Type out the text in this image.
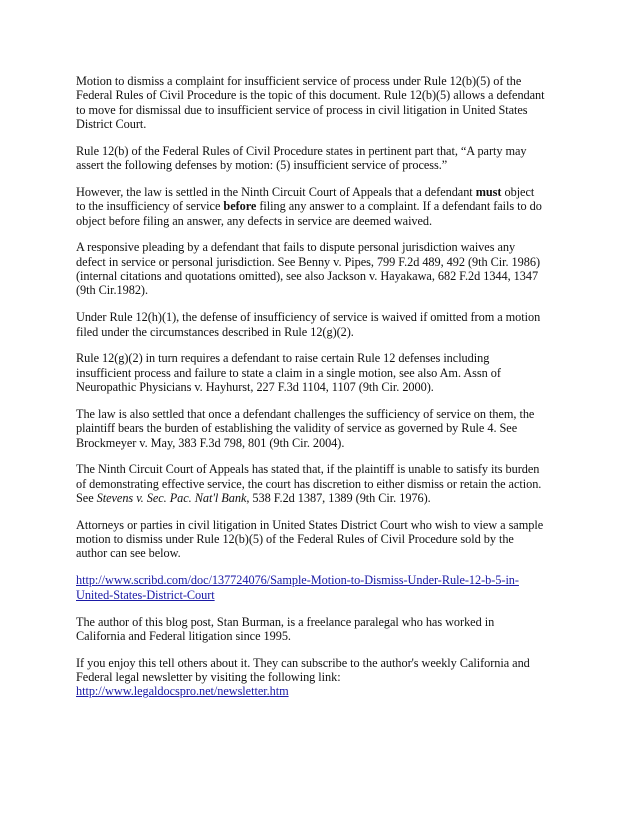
Motion to dismiss a complaint for insufficient service of process under Rule 12(b)(5) of the Federal Rules of Civil Procedure is the topic of this document. Rule 12(b)(5) allows a defendant to move for dismissal due to insufficient service of process in civil litigation in United States District Court.

Rule 12(b) of the Federal Rules of Civil Procedure states in pertinent part that, “A party may assert the following defenses by motion: (5) insufficient service of process.”

However, the law is settled in the Ninth Circuit Court of Appeals that a defendant must object to the insufficiency of service before filing any answer to a complaint. If a defendant fails to do object before filing an answer, any defects in service are deemed waived.

A responsive pleading by a defendant that fails to dispute personal jurisdiction waives any defect in service or personal jurisdiction. See Benny v. Pipes, 799 F.2d 489, 492 (9th Cir. 1986) (internal citations and quotations omitted), see also Jackson v. Hayakawa, 682 F.2d 1344, 1347 (9th Cir.1982).

Under Rule 12(h)(1), the defense of insufficiency of service is waived if omitted from a motion filed under the circumstances described in Rule 12(g)(2).

Rule 12(g)(2) in turn requires a defendant to raise certain Rule 12 defenses including insufficient process and failure to state a claim in a single motion, see also Am. Assn of Neuropathic Physicians v. Hayhurst, 227 F.3d 1104, 1107 (9th Cir. 2000).

The law is also settled that once a defendant challenges the sufficiency of service on them, the plaintiff bears the burden of establishing the validity of service as governed by Rule 4. See Brockmeyer v. May, 383 F.3d 798, 801 (9th Cir. 2004).

The Ninth Circuit Court of Appeals has stated that, if the plaintiff is unable to satisfy its burden of demonstrating effective service, the court has discretion to either dismiss or retain the action. See Stevens v. Sec. Pac. Nat'l Bank, 538 F.2d 1387, 1389 (9th Cir. 1976).

Attorneys or parties in civil litigation in United States District Court who wish to view a sample motion to dismiss under Rule 12(b)(5) of the Federal Rules of Civil Procedure sold by the author can see below.

http://www.scribd.com/doc/137724076/Sample-Motion-to-Dismiss-Under-Rule-12-b-5-in-United-States-District-Court

The author of this blog post, Stan Burman, is a freelance paralegal who has worked in California and Federal litigation since 1995.

If you enjoy this tell others about it. They can subscribe to the author's weekly California and Federal legal newsletter by visiting the following link:
http://www.legaldocspro.net/newsletter.htm
